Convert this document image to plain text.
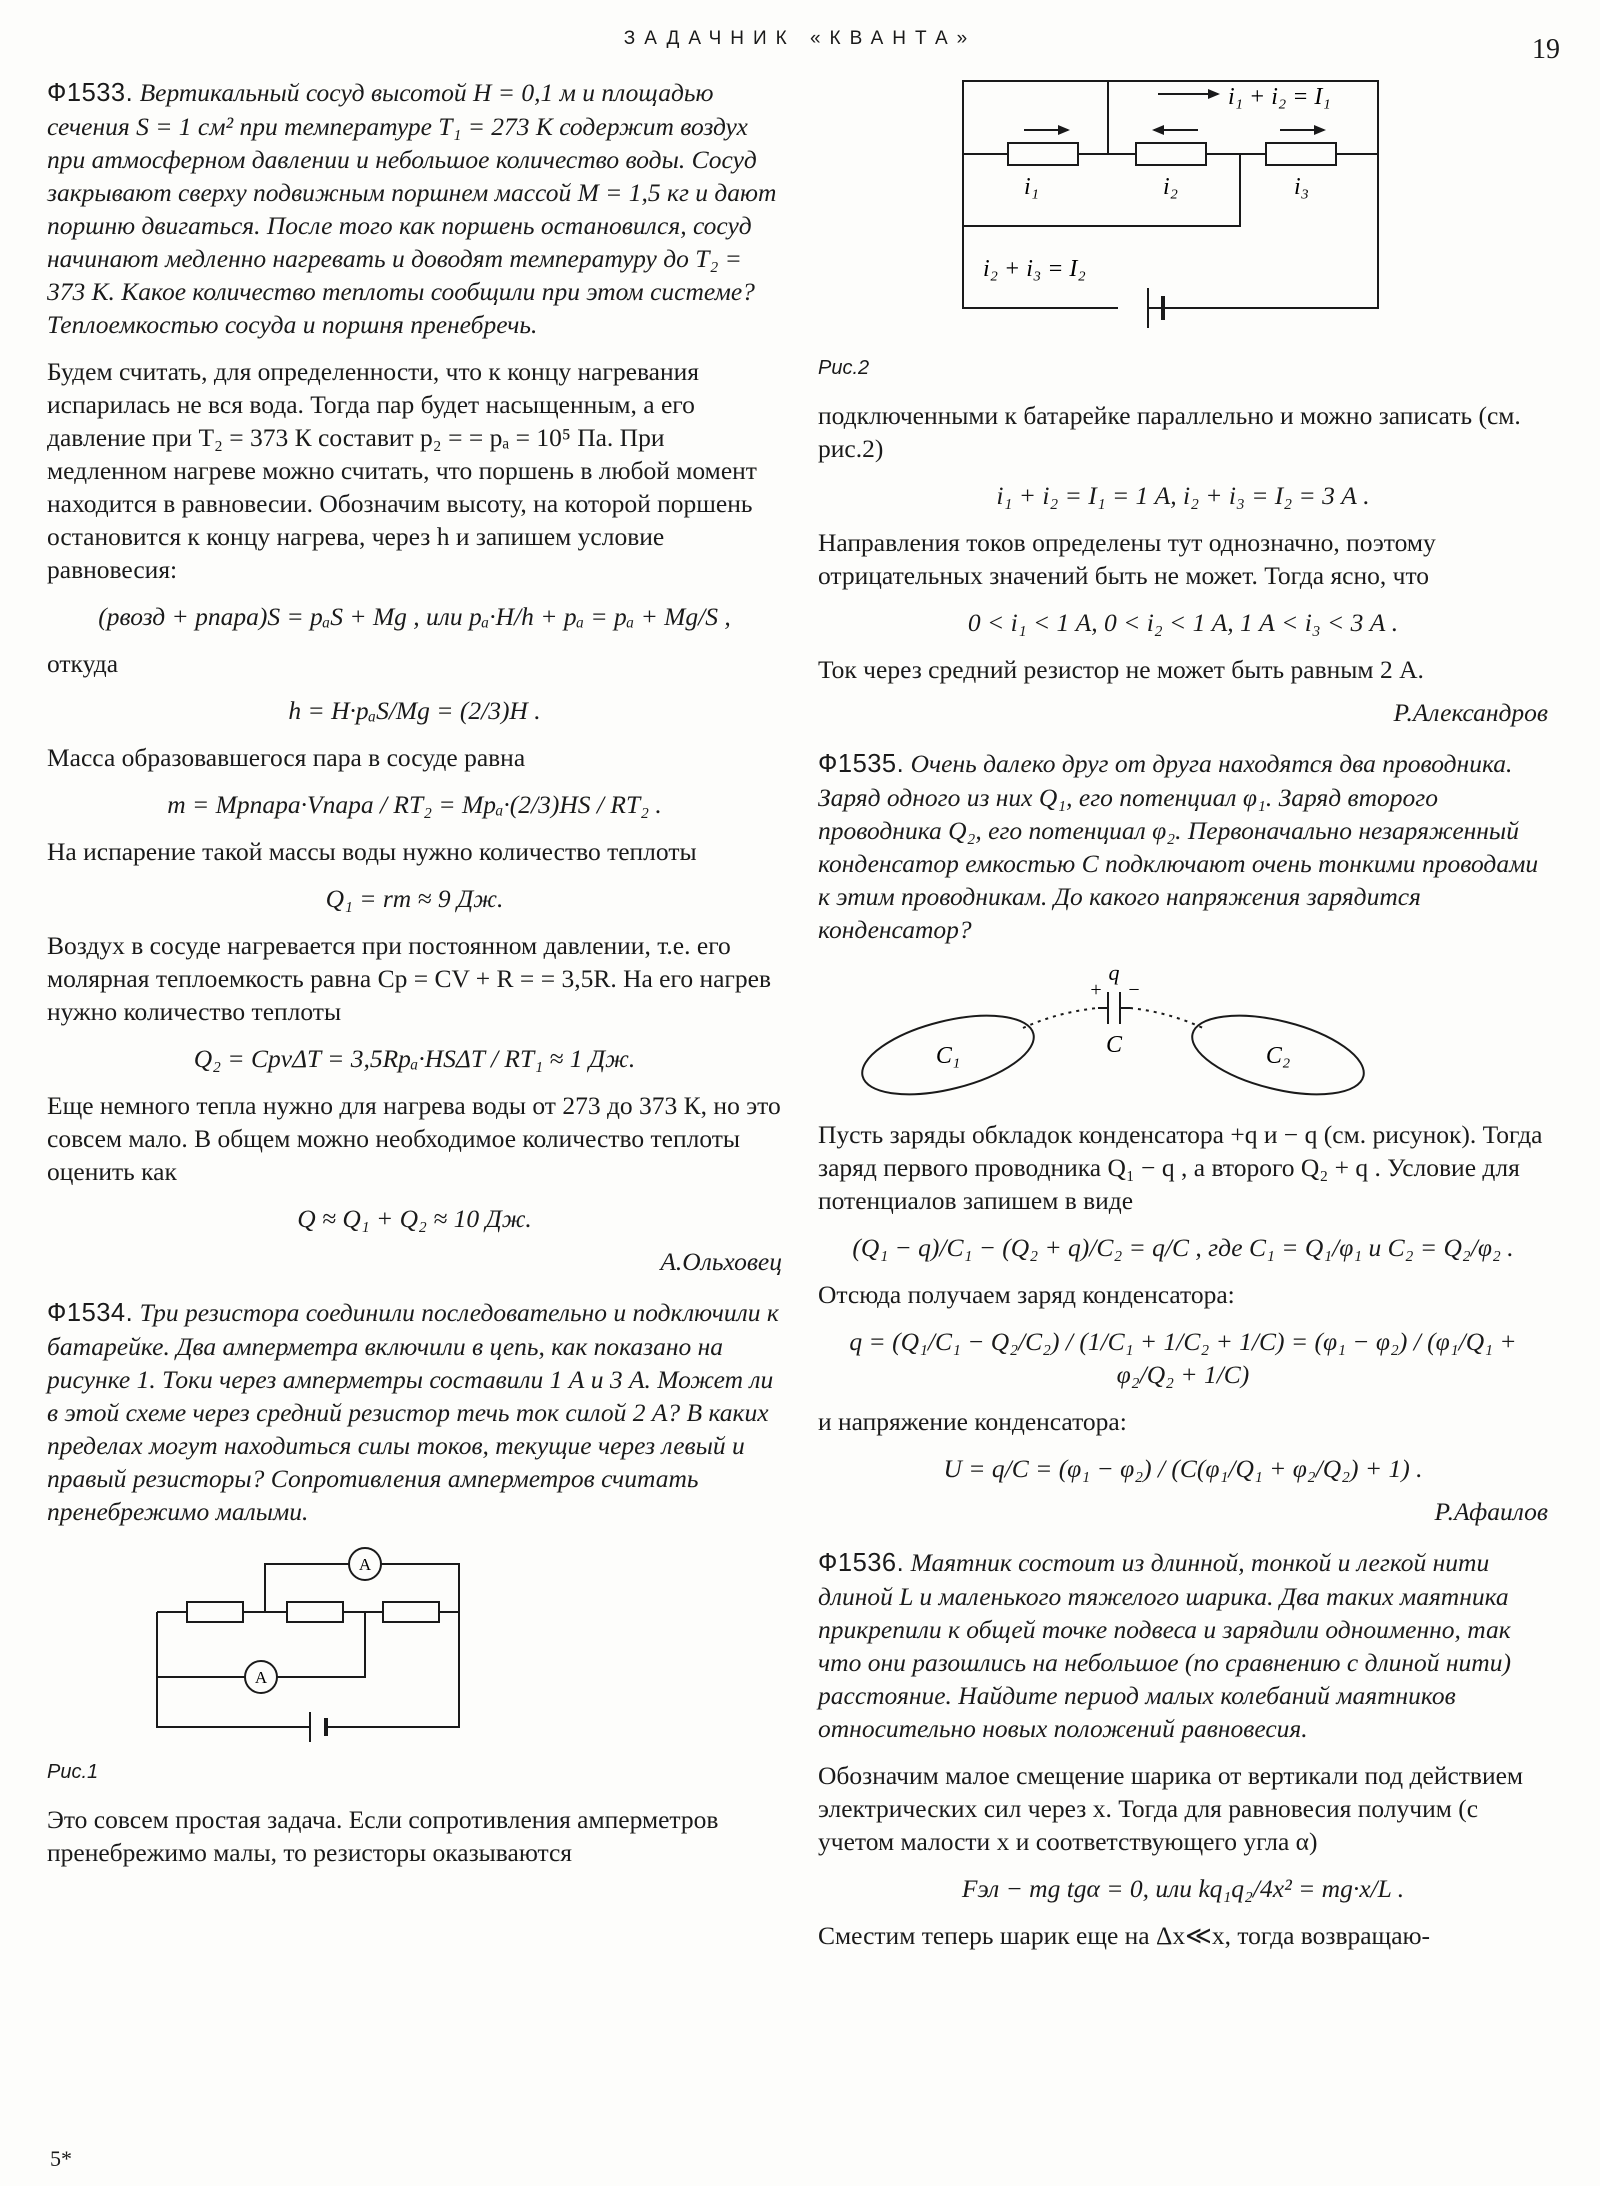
ЗАДАЧНИК «КВАНТА»	19

Ф1533. Вертикальный сосуд высотой H = 0,1 м и площадью сечения S = 1 см² при температуре T₁ = 273 К содержит воздух при атмосферном давлении и небольшое количество воды. Сосуд закрывают сверху подвижным поршнем массой M = 1,5 кг и дают поршню двигаться. После того как поршень остановился, сосуд начинают медленно нагревать и доводят температуру до T₂ = 373 К. Какое количество теплоты сообщили при этом системе? Теплоемкостью сосуда и поршня пренебречь.

Будем считать, для определенности, что к концу нагревания испарилась не вся вода. Тогда пар будет насыщенным, а его давление при T₂ = 373 К составит p₂ = = pₐ = 10⁵ Па. При медленном нагреве можно считать, что поршень в любой момент находится в равновесии. Обозначим высоту, на которой поршень остановится к концу нагрева, через h и запишем условие равновесия:

(pвозд + pпара)S = pₐS + Mg , или pₐ·H/h + pₐ = pₐ + Mg/S ,

откуда

h = H·pₐS/Mg = (2/3)H .

Масса образовавшегося пара в сосуде равна

m = Mpпара·Vпара / RT₂ = Mpₐ·(2/3)HS / RT₂ .

На испарение такой массы воды нужно количество теплоты

Q₁ = rm ≈ 9 Дж.

Воздух в сосуде нагревается при постоянном давлении, т.е. его молярная теплоемкость равна Cp = CV + R = = 3,5R. На его нагрев нужно количество теплоты

Q₂ = CpνΔT = 3,5Rpₐ·HSΔT / RT₁ ≈ 1 Дж.

Еще немного тепла нужно для нагрева воды от 273 до 373 К, но это совсем мало. В общем можно необходимое количество теплоты оценить как

Q ≈ Q₁ + Q₂ ≈ 10 Дж.
А.Ольховец

Ф1534. Три резистора соединили последовательно и подключили к батарейке. Два амперметра включили в цепь, как показано на рисунке 1. Токи через амперметры составили 1 А и 3 А. Может ли в этой схеме через средний резистор течь ток силой 2 А? В каких пределах могут находиться силы токов, текущие через левый и правый резисторы? Сопротивления амперметров считать пренебрежимо малыми.

A
A
Рис.1

Это совсем простая задача. Если сопротивления амперметров пренебрежимо малы, то резисторы оказываются

i₁ + i₂ = I₁
i₁	i₂	i₃
i₂ + i₃ = I₂
Рис.2

подключенными к батарейке параллельно и можно записать (см. рис.2)

i₁ + i₂ = I₁ = 1 А, i₂ + i₃ = I₂ = 3 А .

Направления токов определены тут однозначно, поэтому отрицательных значений быть не может. Тогда ясно, что

0 < i₁ < 1 А, 0 < i₂ < 1 А, 1 А < i₃ < 3 А .

Ток через средний резистор не может быть равным 2 А.

Р.Александров

Ф1535. Очень далеко друг от друга находятся два проводника. Заряд одного из них Q₁, его потенциал φ₁. Заряд второго проводника Q₂, его потенциал φ₂. Первоначально незаряженный конденсатор емкостью C подключают очень тонкими проводами к этим проводникам. До какого напряжения зарядится конденсатор?

q
+ −
C
C₁	C₂

Пусть заряды обкладок конденсатора +q и − q (см. рисунок). Тогда заряд первого проводника Q₁ − q , а второго Q₂ + q . Условие для потенциалов запишем в виде

(Q₁ − q)/C₁ − (Q₂ + q)/C₂ = q/C , где C₁ = Q₁/φ₁ и C₂ = Q₂/φ₂ .

Отсюда получаем заряд конденсатора:

q = (Q₁/C₁ − Q₂/C₂) / (1/C₁ + 1/C₂ + 1/C) = (φ₁ − φ₂) / (φ₁/Q₁ + φ₂/Q₂ + 1/C)

и напряжение конденсатора:

U = q/C = (φ₁ − φ₂) / (C(φ₁/Q₁ + φ₂/Q₂) + 1) .
Р.Афаилов

Ф1536. Маятник состоит из длинной, тонкой и легкой нити длиной L и маленького тяжелого шарика. Два таких маятника прикрепили к общей точке подвеса и зарядили одноименно, так что они разошлись на небольшое (по сравнению с длиной нити) расстояние. Найдите период малых колебаний маятников относительно новых положений равновесия.

Обозначим малое смещение шарика от вертикали под действием электрических сил через x. Тогда для равновесия получим (с учетом малости x и соответствующего угла α)

Fэл − mg tgα = 0, или kq₁q₂/4x² = mg·x/L .

Сместим теперь шарик еще на Δx≪x, тогда возвращаю-

5*
